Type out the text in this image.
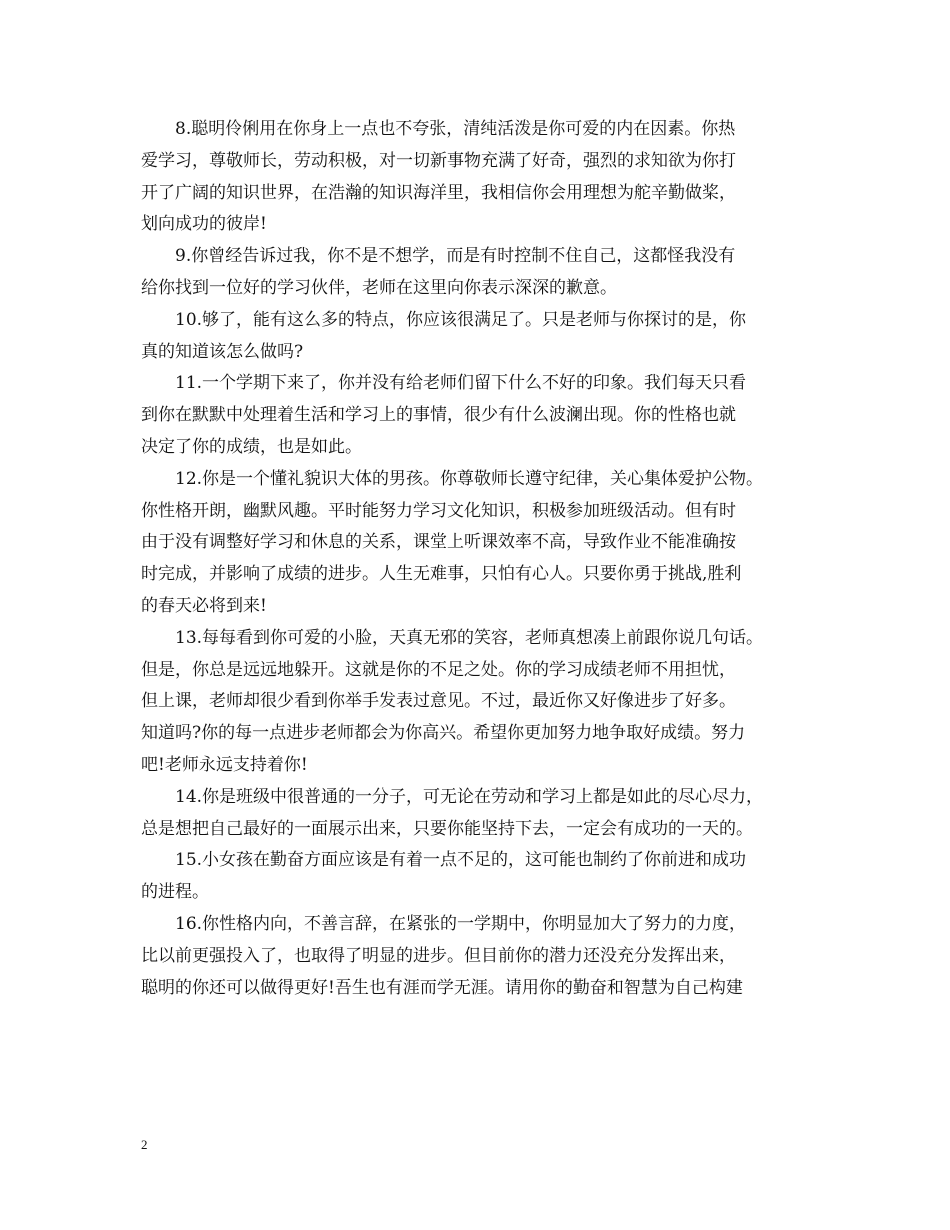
8.聪明伶俐用在你身上一点也不夸张，清纯活泼是你可爱的内在因素。你热
爱学习，尊敬师长，劳动积极，对一切新事物充满了好奇，强烈的求知欲为你打
开了广阔的知识世界，在浩瀚的知识海洋里，我相信你会用理想为舵辛勤做桨，
划向成功的彼岸!

9.你曾经告诉过我，你不是不想学，而是有时控制不住自己，这都怪我没有
给你找到一位好的学习伙伴，老师在这里向你表示深深的歉意。

10.够了，能有这么多的特点，你应该很满足了。只是老师与你探讨的是，你
真的知道该怎么做吗?

11.一个学期下来了，你并没有给老师们留下什么不好的印象。我们每天只看
到你在默默中处理着生活和学习上的事情，很少有什么波澜出现。你的性格也就
决定了你的成绩，也是如此。

12.你是一个懂礼貌识大体的男孩。你尊敬师长遵守纪律，关心集体爱护公物。
你性格开朗，幽默风趣。平时能努力学习文化知识，积极参加班级活动。但有时
由于没有调整好学习和休息的关系，课堂上听课效率不高，导致作业不能准确按
时完成，并影响了成绩的进步。人生无难事，只怕有心人。只要你勇于挑战,胜利
的春天必将到来!

13.每每看到你可爱的小脸，天真无邪的笑容，老师真想凑上前跟你说几句话。
但是，你总是远远地躲开。这就是你的不足之处。你的学习成绩老师不用担忧，
但上课，老师却很少看到你举手发表过意见。不过，最近你又好像进步了好多。
知道吗?你的每一点进步老师都会为你高兴。希望你更加努力地争取好成绩。努力
吧!老师永远支持着你!

14.你是班级中很普通的一分子，可无论在劳动和学习上都是如此的尽心尽力，
总是想把自己最好的一面展示出来，只要你能坚持下去，一定会有成功的一天的。

15.小女孩在勤奋方面应该是有着一点不足的，这可能也制约了你前进和成功
的进程。

16.你性格内向，不善言辞，在紧张的一学期中，你明显加大了努力的力度，
比以前更强投入了，也取得了明显的进步。但目前你的潜力还没充分发挥出来，
聪明的你还可以做得更好!吾生也有涯而学无涯。请用你的勤奋和智慧为自己构建

2
